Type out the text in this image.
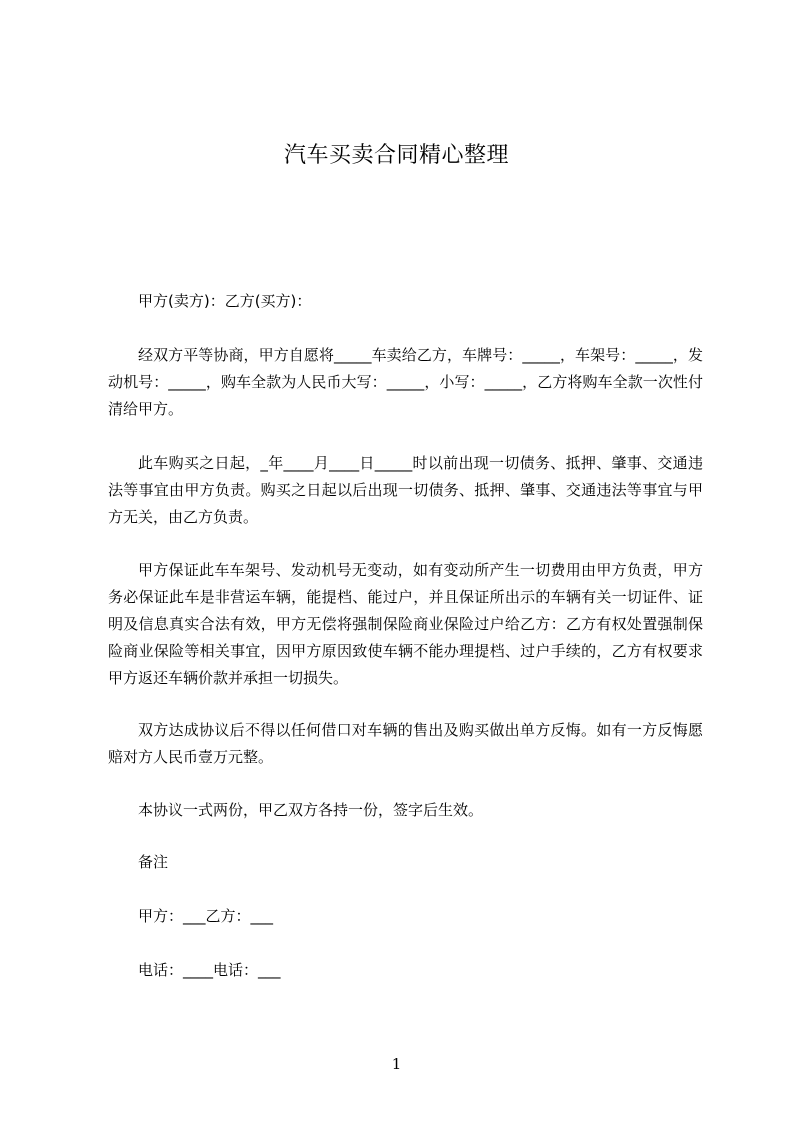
汽车买卖合同精心整理
甲方(卖方)：乙方(买方)：
经双方平等协商，甲方自愿将_____车卖给乙方，车牌号：_____，车架号：_____，发动机号：_____，购车全款为人民币大写：_____，小写：_____，乙方将购车全款一次性付清给甲方。
此车购买之日起，_年____月____日_____时以前出现一切债务、抵押、肇事、交通违法等事宜由甲方负责。购买之日起以后出现一切债务、抵押、肇事、交通违法等事宜与甲方无关，由乙方负责。
甲方保证此车车架号、发动机号无变动，如有变动所产生一切费用由甲方负责，甲方务必保证此车是非营运车辆，能提档、能过户，并且保证所出示的车辆有关一切证件、证明及信息真实合法有效，甲方无偿将强制保险商业保险过户给乙方：乙方有权处置强制保险商业保险等相关事宜，因甲方原因致使车辆不能办理提档、过户手续的，乙方有权要求甲方返还车辆价款并承担一切损失。
双方达成协议后不得以任何借口对车辆的售出及购买做出单方反悔。如有一方反悔愿赔对方人民币壹万元整。
本协议一式两份，甲乙双方各持一份，签字后生效。
备注
甲方：___乙方：___
电话：____电话：___
1
